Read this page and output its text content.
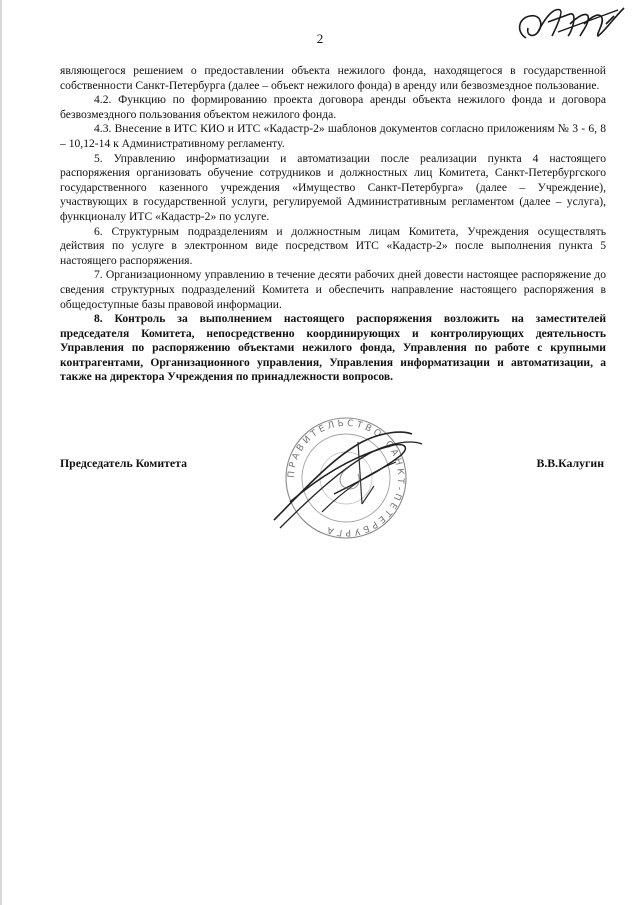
2

являющегося решением о предоставлении объекта нежилого фонда, находящегося в государственной собственности Санкт-Петербурга (далее – объект нежилого фонда) в аренду или безвозмездное пользование.

4.2. Функцию по формированию проекта договора аренды объекта нежилого фонда и договора безвозмездного пользования объектом нежилого фонда.

4.3. Внесение в ИТС КИО и ИТС «Кадастр-2» шаблонов документов согласно приложениям № 3 - 6, 8 – 10,12-14 к Административному регламенту.

5. Управлению информатизации и автоматизации после реализации пункта 4 настоящего распоряжения организовать обучение сотрудников и должностных лиц Комитета, Санкт-Петербургского государственного казенного учреждения «Имущество Санкт-Петербурга» (далее – Учреждение), участвующих в государственной услуги, регулируемой Административным регламентом (далее – услуга), функционалу ИТС «Кадастр-2» по услуге.

6. Структурным подразделениям и должностным лицам Комитета, Учреждения осуществлять действия по услуге в электронном виде посредством ИТС «Кадастр-2» после выполнения пункта 5 настоящего распоряжения.

7. Организационному управлению в течение десяти рабочих дней довести настоящее распоряжение до сведения структурных подразделений Комитета и обеспечить направление настоящего распоряжения в общедоступные базы правовой информации.

8. Контроль за выполнением настоящего распоряжения возложить на заместителей председателя Комитета, непосредственно координирующих и контролирующих деятельность Управления по распоряжению объектами нежилого фонда, Управления по работе с крупными контрагентами, Организационного управления, Управления информатизации и автоматизации, а также на директора Учреждения по принадлежности вопросов.

Председатель Комитета	В.В.Калугин
ПРАВИТЕЛЬСТВО САНКТ-ПЕТЕРБУРГА
